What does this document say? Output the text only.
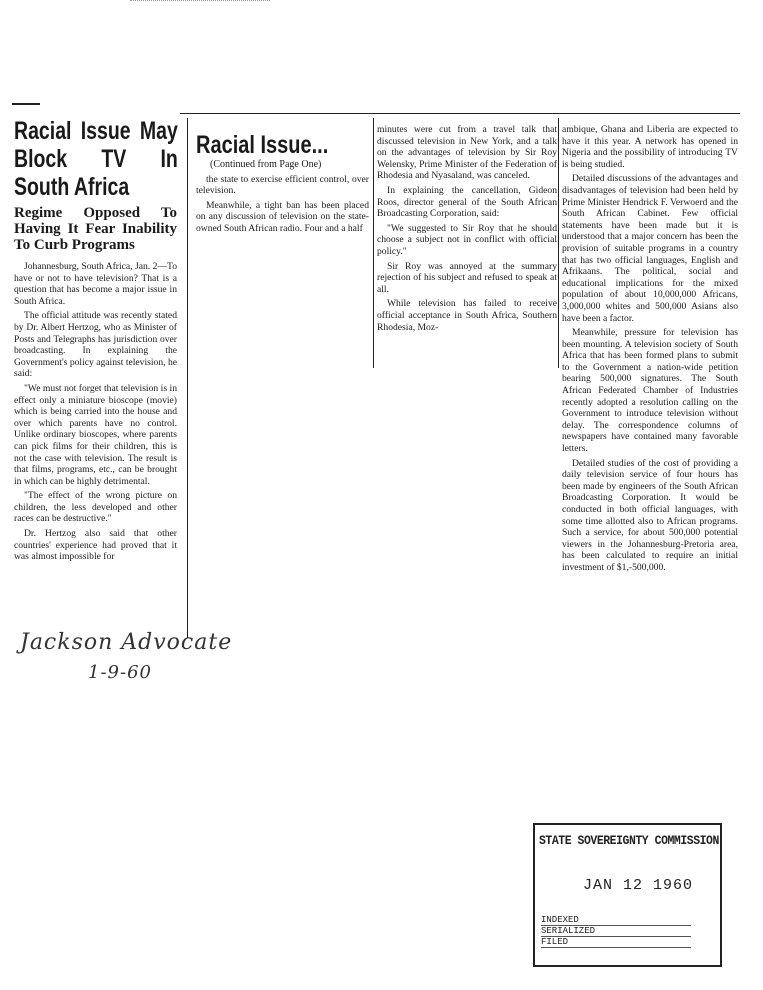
Racial Issue May Block TV In South Africa
Regime Opposed To Having It Fear Inability To Curb Programs

Johannesburg, South Africa, Jan. 2—To have or not to have television? That is a question that has become a major issue in South Africa.

The official attitude was recently stated by Dr. Albert Hertzog, who as Minister of Posts and Telegraphs has jurisdiction over broadcasting. In explaining the Government's policy against television, he said:

"We must not forget that television is in effect only a miniature bioscope (movie) which is being carried into the house and over which parents have no control. Unlike ordinary bioscopes, where parents can pick films for their children, this is not the case with television. The result is that films, programs, etc., can be brought in which can be highly detrimental.

"The effect of the wrong picture on children, the less developed and other races can be destructive."

Dr. Hertzog also said that other countries' experience had proved that it was almost impossible for

Racial Issue...
(Continued from Page One)

the state to exercise efficient control, over television.

Meanwhile, a tight ban has been placed on any discussion of television on the state-owned South African radio. Four and a half

minutes were cut from a travel talk that discussed television in New York, and a talk on the advantages of television by Sir Roy Welensky, Prime Minister of the Federation of Rhodesia and Nyasaland, was canceled.

In explaining the cancellation, Gideon Roos, director general of the South African Broadcasting Corporation, said:

"We suggested to Sir Roy that he should choose a subject not in conflict with official policy."

Sir Roy was annoyed at the summary rejection of his subject and refused to speak at all.

While television has failed to receive official acceptance in South Africa, Southern Rhodesia, Moz-

ambique, Ghana and Liberia are expected to have it this year. A network has opened in Nigeria and the possibility of introducing TV is being studied.

Detailed discussions of the advantages and disadvantages of television had been held by Prime Minister Hendrick F. Verwoerd and the South African Cabinet. Few official statements have been made but it is understood that a major concern has been the provision of suitable programs in a country that has two official languages, English and Afrikaans. The political, social and educational implications for the mixed population of about 10,000,000 Africans, 3,000,000 whites and 500,000 Asians also have been a factor.

Meanwhile, pressure for television has been mounting. A television society of South Africa that has been formed plans to submit to the Government a nation-wide petition bearing 500,000 signatures. The South African Federated Chamber of Industries recently adopted a resolution calling on the Government to introduce television without delay. The correspondence columns of newspapers have contained many favorable letters.

Detailed studies of the cost of providing a daily television service of four hours has been made by engineers of the South African Broadcasting Corporation. It would be conducted in both official languages, with some time allotted also to African programs. Such a service, for about 500,000 potential viewers in the Johannesburg-Pretoria area, has been calculated to require an initial investment of $1,-500,000.

Jackson Advocate
1-9-60
STATE SOVEREIGNTY COMMISSION
JAN 12 1960
INDEXED
SERIALIZED
FILED
